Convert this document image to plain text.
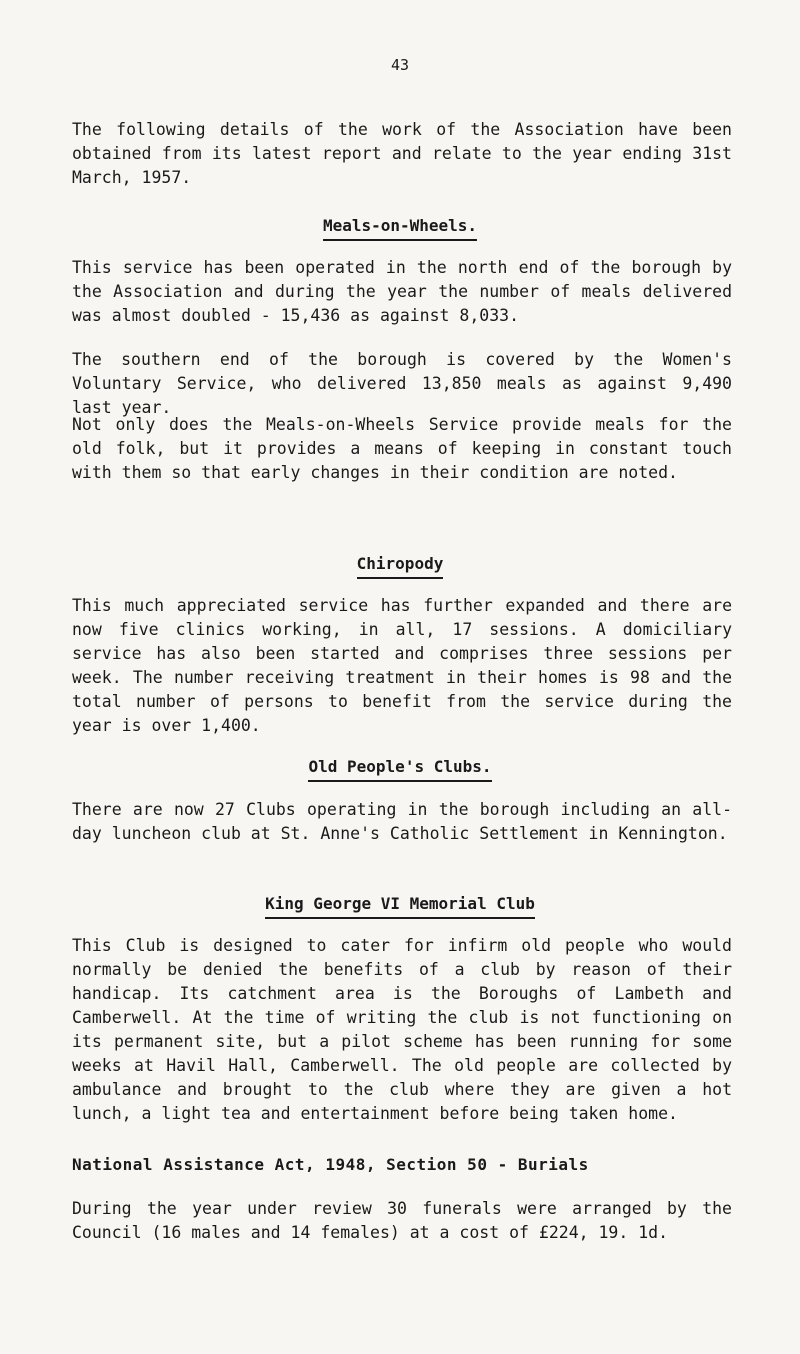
43

The following details of the work of the Association have been obtained from its latest report and relate to the year ending 31st March, 1957.

Meals-on-Wheels.

This service has been operated in the north end of the borough by the Association and during the year the number of meals delivered was almost doubled - 15,436 as against 8,033.

The southern end of the borough is covered by the Women's Voluntary Service, who delivered 13,850 meals as against 9,490 last year.

Not only does the Meals-on-Wheels Service provide meals for the old folk, but it provides a means of keeping in constant touch with them so that early changes in their condition are noted.

Chiropody

This much appreciated service has further expanded and there are now five clinics working, in all, 17 sessions. A domiciliary service has also been started and comprises three sessions per week. The number receiving treatment in their homes is 98 and the total number of persons to benefit from the service during the year is over 1,400.

Old People's Clubs.

There are now 27 Clubs operating in the borough including an all-day luncheon club at St. Anne's Catholic Settlement in Kennington.

King George VI Memorial Club

This Club is designed to cater for infirm old people who would normally be denied the benefits of a club by reason of their handicap. Its catchment area is the Boroughs of Lambeth and Camberwell. At the time of writing the club is not functioning on its permanent site, but a pilot scheme has been running for some weeks at Havil Hall, Camberwell. The old people are collected by ambulance and brought to the club where they are given a hot lunch, a light tea and entertainment before being taken home.

National Assistance Act, 1948, Section 50 - Burials

During the year under review 30 funerals were arranged by the Council (16 males and 14 females) at a cost of £224, 19. 1d.
